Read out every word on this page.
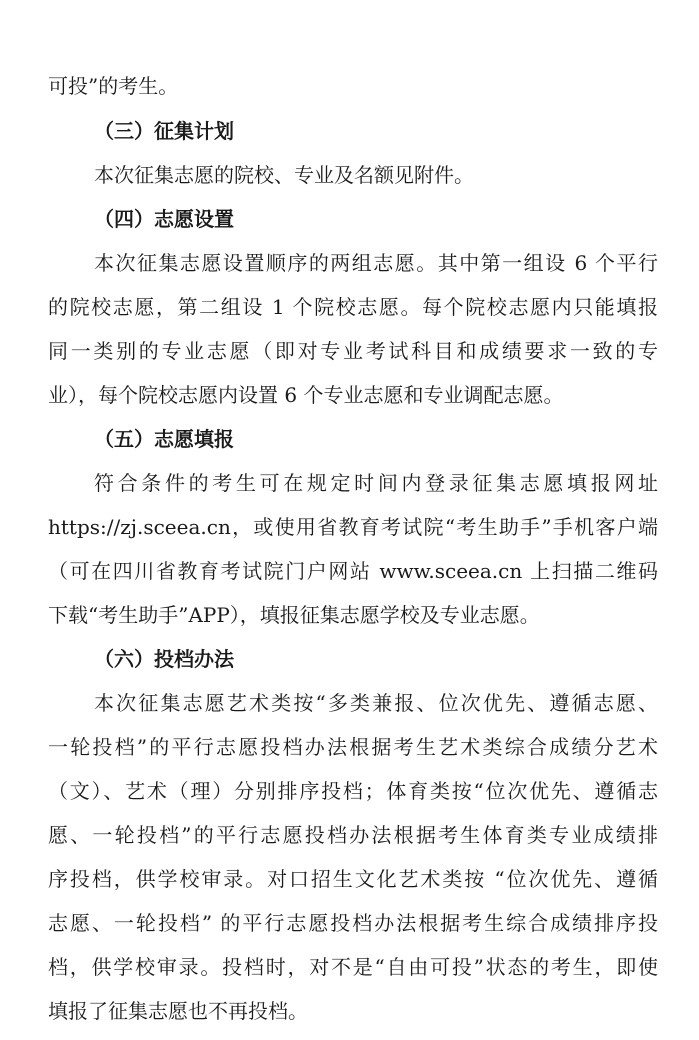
可投”的考生。
（三）征集计划
本次征集志愿的院校、专业及名额见附件。
（四）志愿设置
本次征集志愿设置顺序的两组志愿。其中第一组设 6 个平行
的院校志愿，第二组设 1 个院校志愿。每个院校志愿内只能填报
同一类别的专业志愿（即对专业考试科目和成绩要求一致的专
业），每个院校志愿内设置 6 个专业志愿和专业调配志愿。
（五）志愿填报
符合条件的考生可在规定时间内登录征集志愿填报网址
https://zj.sceea.cn，或使用省教育考试院“考生助手”手机客户端
（可在四川省教育考试院门户网站 www.sceea.cn 上扫描二维码
下载“考生助手”APP），填报征集志愿学校及专业志愿。
（六）投档办法
本次征集志愿艺术类按“多类兼报、位次优先、遵循志愿、
一轮投档”的平行志愿投档办法根据考生艺术类综合成绩分艺术
（文）、艺术（理）分别排序投档；体育类按“位次优先、遵循志
愿、一轮投档”的平行志愿投档办法根据考生体育类专业成绩排
序投档，供学校审录。对口招生文化艺术类按 “位次优先、遵循
志愿、一轮投档” 的平行志愿投档办法根据考生综合成绩排序投
档，供学校审录。投档时，对不是“自由可投”状态的考生，即使
填报了征集志愿也不再投档。
